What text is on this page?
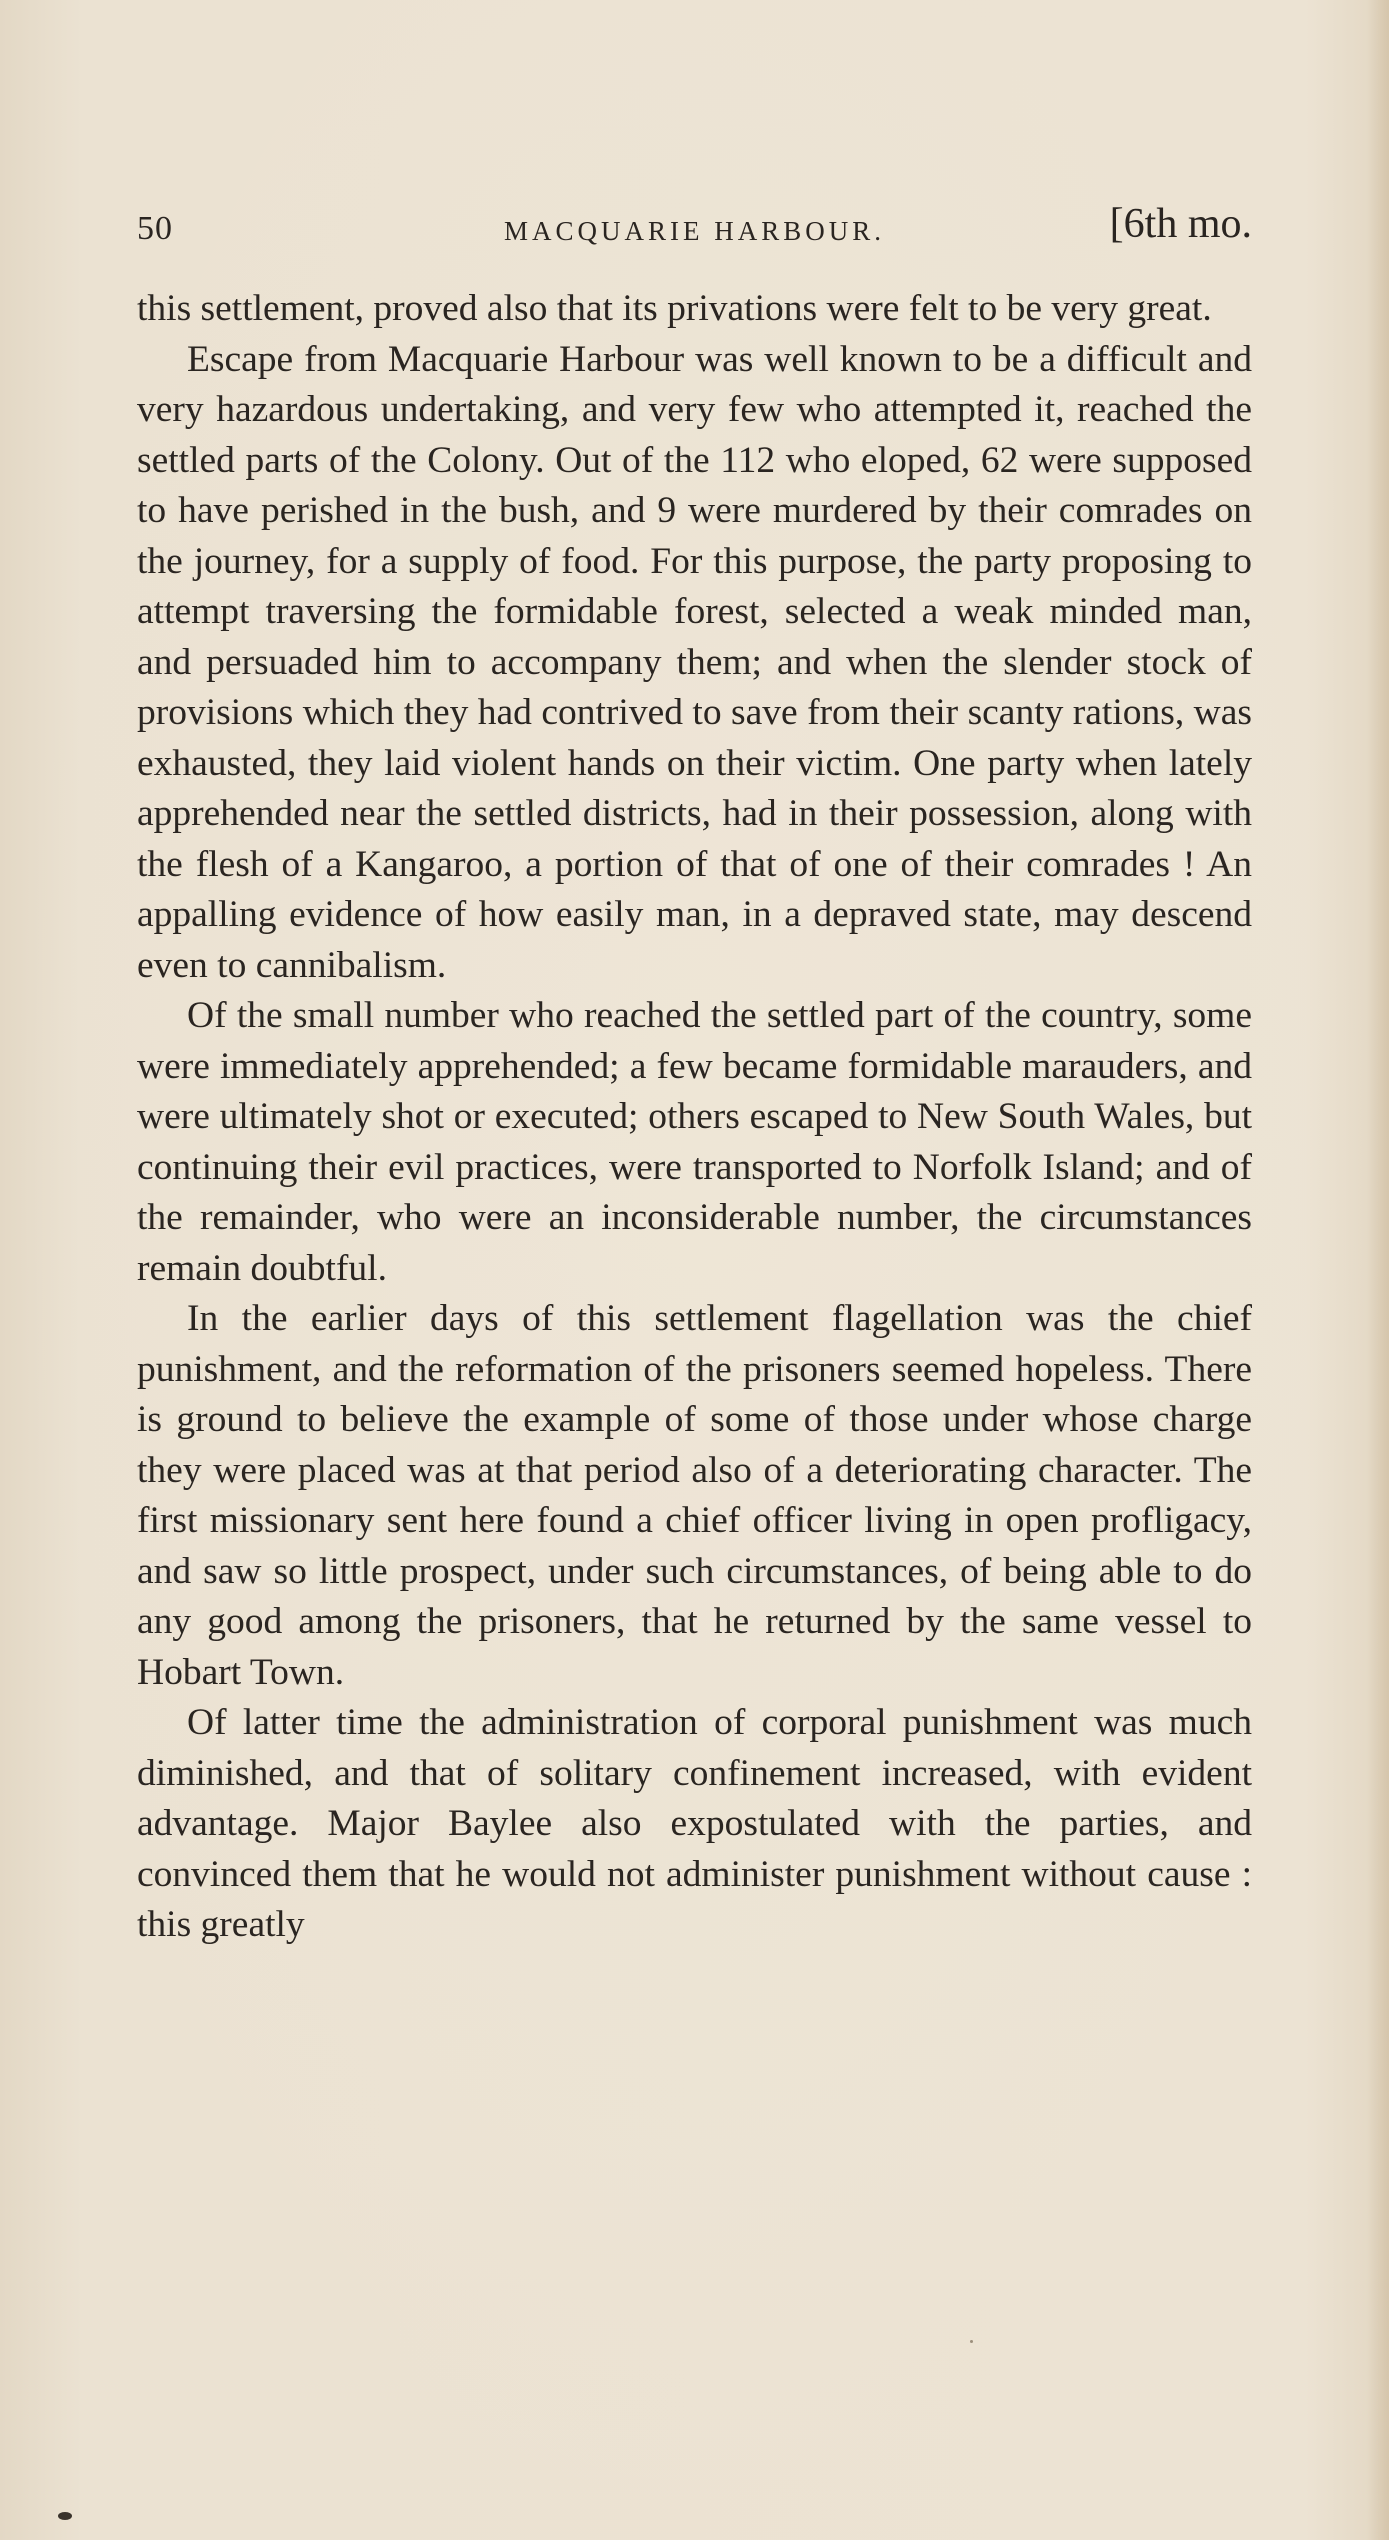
50	MACQUARIE HARBOUR.	[6th mo.

this settlement, proved also that its privations were felt to be very great.

Escape from Macquarie Harbour was well known to be a difficult and very hazardous undertaking, and very few who attempted it, reached the settled parts of the Colony. Out of the 112 who eloped, 62 were supposed to have perished in the bush, and 9 were murdered by their comrades on the journey, for a supply of food. For this purpose, the party proposing to attempt traversing the formidable forest, selected a weak minded man, and persuaded him to accompany them; and when the slender stock of provisions which they had contrived to save from their scanty rations, was exhausted, they laid violent hands on their victim. One party when lately apprehended near the settled districts, had in their possession, along with the flesh of a Kangaroo, a portion of that of one of their comrades ! An appalling evidence of how easily man, in a depraved state, may descend even to cannibalism.

Of the small number who reached the settled part of the country, some were immediately apprehended; a few became formidable marauders, and were ultimately shot or executed; others escaped to New South Wales, but continuing their evil practices, were transported to Norfolk Island; and of the remainder, who were an inconsiderable number, the circumstances remain doubtful.

In the earlier days of this settlement flagellation was the chief punishment, and the reformation of the prisoners seemed hopeless. There is ground to believe the example of some of those under whose charge they were placed was at that period also of a deteriorating character. The first missionary sent here found a chief officer living in open profligacy, and saw so little prospect, under such circumstances, of being able to do any good among the prisoners, that he returned by the same vessel to Hobart Town.

Of latter time the administration of corporal punishment was much diminished, and that of solitary confinement increased, with evident advantage. Major Baylee also expostulated with the parties, and convinced them that he would not administer punishment without cause : this greatly
